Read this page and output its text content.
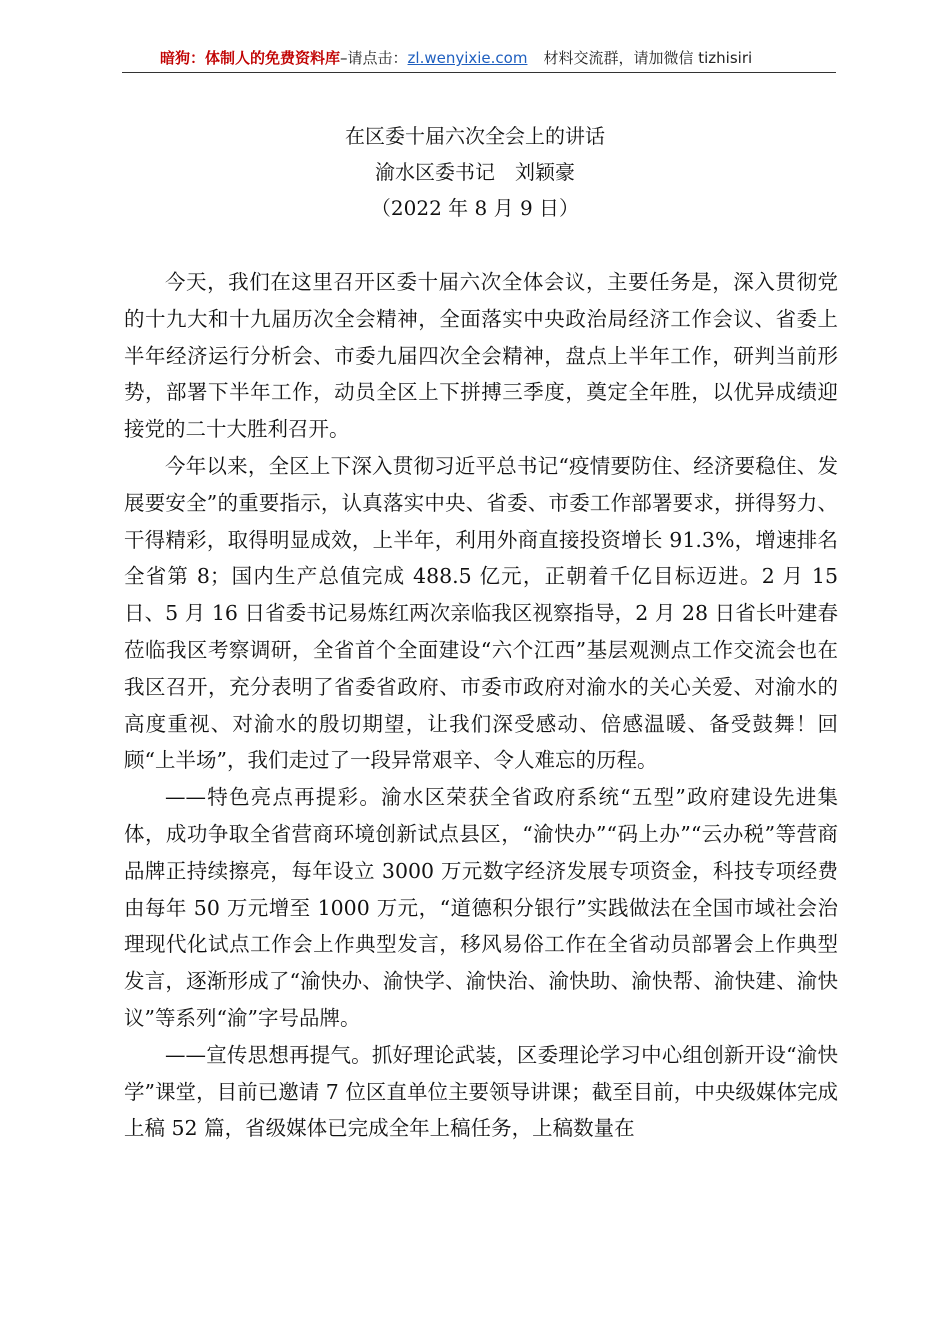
暗狗：体制人的免费资料库–请点击：zl.wenyixie.com 材料交流群，请加微信 tizhisiri
在区委十届六次全会上的讲话
渝水区委书记 刘颖豪
（2022 年 8 月 9 日）

今天，我们在这里召开区委十届六次全体会议，主要任务是，深入贯彻党的十九大和十九届历次全会精神，全面落实中央政治局经济工作会议、省委上半年经济运行分析会、市委九届四次全会精神，盘点上半年工作，研判当前形势，部署下半年工作，动员全区上下拼搏三季度，奠定全年胜，以优异成绩迎接党的二十大胜利召开。

今年以来，全区上下深入贯彻习近平总书记“疫情要防住、经济要稳住、发展要安全”的重要指示，认真落实中央、省委、市委工作部署要求，拼得努力、干得精彩，取得明显成效，上半年，利用外商直接投资增长 91.3%，增速排名全省第 8；国内生产总值完成 488.5 亿元，正朝着千亿目标迈进。2 月 15 日、5 月 16 日省委书记易炼红两次亲临我区视察指导，2 月 28 日省长叶建春莅临我区考察调研，全省首个全面建设“六个江西”基层观测点工作交流会也在我区召开，充分表明了省委省政府、市委市政府对渝水的关心关爱、对渝水的高度重视、对渝水的殷切期望，让我们深受感动、倍感温暖、备受鼓舞！回顾“上半场”，我们走过了一段异常艰辛、令人难忘的历程。

——特色亮点再提彩。渝水区荣获全省政府系统“五型”政府建设先进集体，成功争取全省营商环境创新试点县区，“渝快办”“码上办”“云办税”等营商品牌正持续擦亮，每年设立 3000 万元数字经济发展专项资金，科技专项经费由每年 50 万元增至 1000 万元，“道德积分银行”实践做法在全国市域社会治理现代化试点工作会上作典型发言，移风易俗工作在全省动员部署会上作典型发言，逐渐形成了“渝快办、渝快学、渝快治、渝快助、渝快帮、渝快建、渝快议”等系列“渝”字号品牌。

——宣传思想再提气。抓好理论武装，区委理论学习中心组创新开设“渝快学”课堂，目前已邀请 7 位区直单位主要领导讲课；截至目前，中央级媒体完成上稿 52 篇，省级媒体已完成全年上稿任务，上稿数量在
